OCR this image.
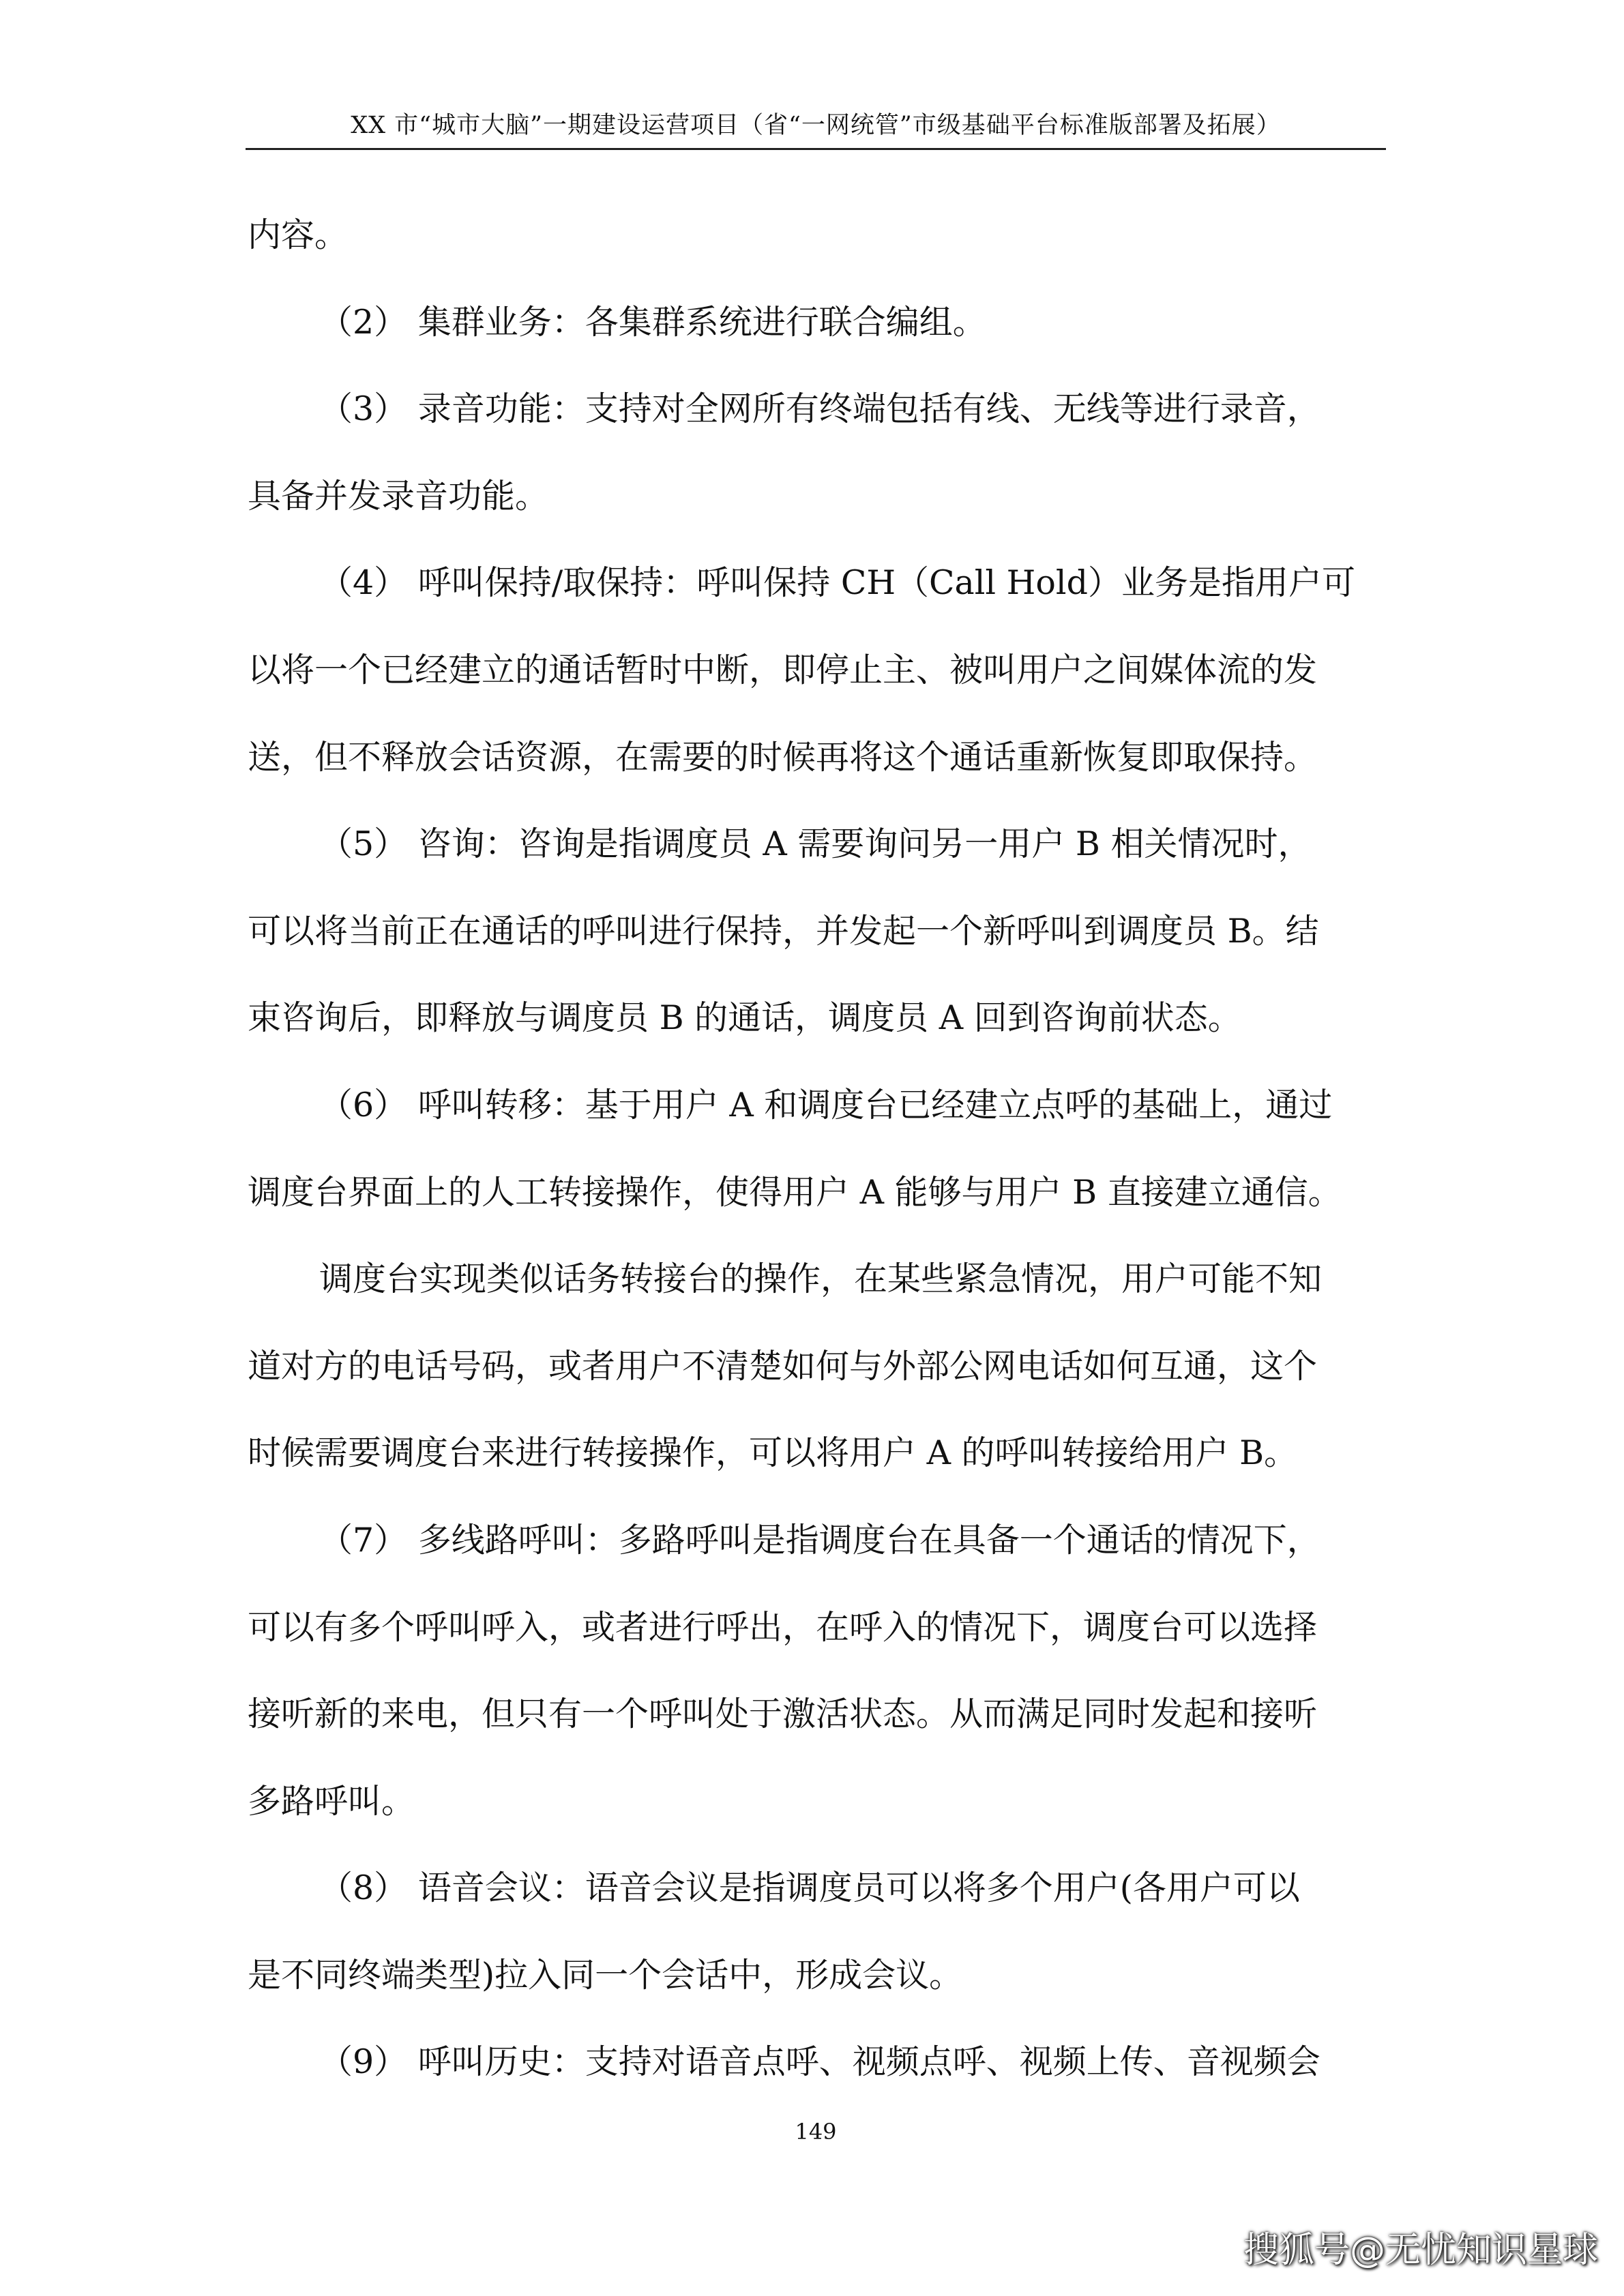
XX 市“城市大脑”一期建设运营项目（省“一网统管”市级基础平台标准版部署及拓展）
内容。
（2） 集群业务：各集群系统进行联合编组。
（3） 录音功能：支持对全网所有终端包括有线、无线等进行录音，
具备并发录音功能。
（4） 呼叫保持/取保持：呼叫保持 CH（Call Hold）业务是指用户可
以将一个已经建立的通话暂时中断，即停止主、被叫用户之间媒体流的发
送，但不释放会话资源，在需要的时候再将这个通话重新恢复即取保持。
（5） 咨询：咨询是指调度员 A 需要询问另一用户 B 相关情况时，
可以将当前正在通话的呼叫进行保持，并发起一个新呼叫到调度员 B。结
束咨询后，即释放与调度员 B 的通话，调度员 A 回到咨询前状态。
（6） 呼叫转移：基于用户 A 和调度台已经建立点呼的基础上，通过
调度台界面上的人工转接操作，使得用户 A 能够与用户 B 直接建立通信。
调度台实现类似话务转接台的操作，在某些紧急情况，用户可能不知
道对方的电话号码，或者用户不清楚如何与外部公网电话如何互通，这个
时候需要调度台来进行转接操作，可以将用户 A 的呼叫转接给用户 B。
（7） 多线路呼叫：多路呼叫是指调度台在具备一个通话的情况下，
可以有多个呼叫呼入，或者进行呼出，在呼入的情况下，调度台可以选择
接听新的来电，但只有一个呼叫处于激活状态。从而满足同时发起和接听
多路呼叫。
（8） 语音会议：语音会议是指调度员可以将多个用户(各用户可以
是不同终端类型)拉入同一个会话中，形成会议。
（9） 呼叫历史：支持对语音点呼、视频点呼、视频上传、音视频会
149
搜狐号@无忧知识星球
